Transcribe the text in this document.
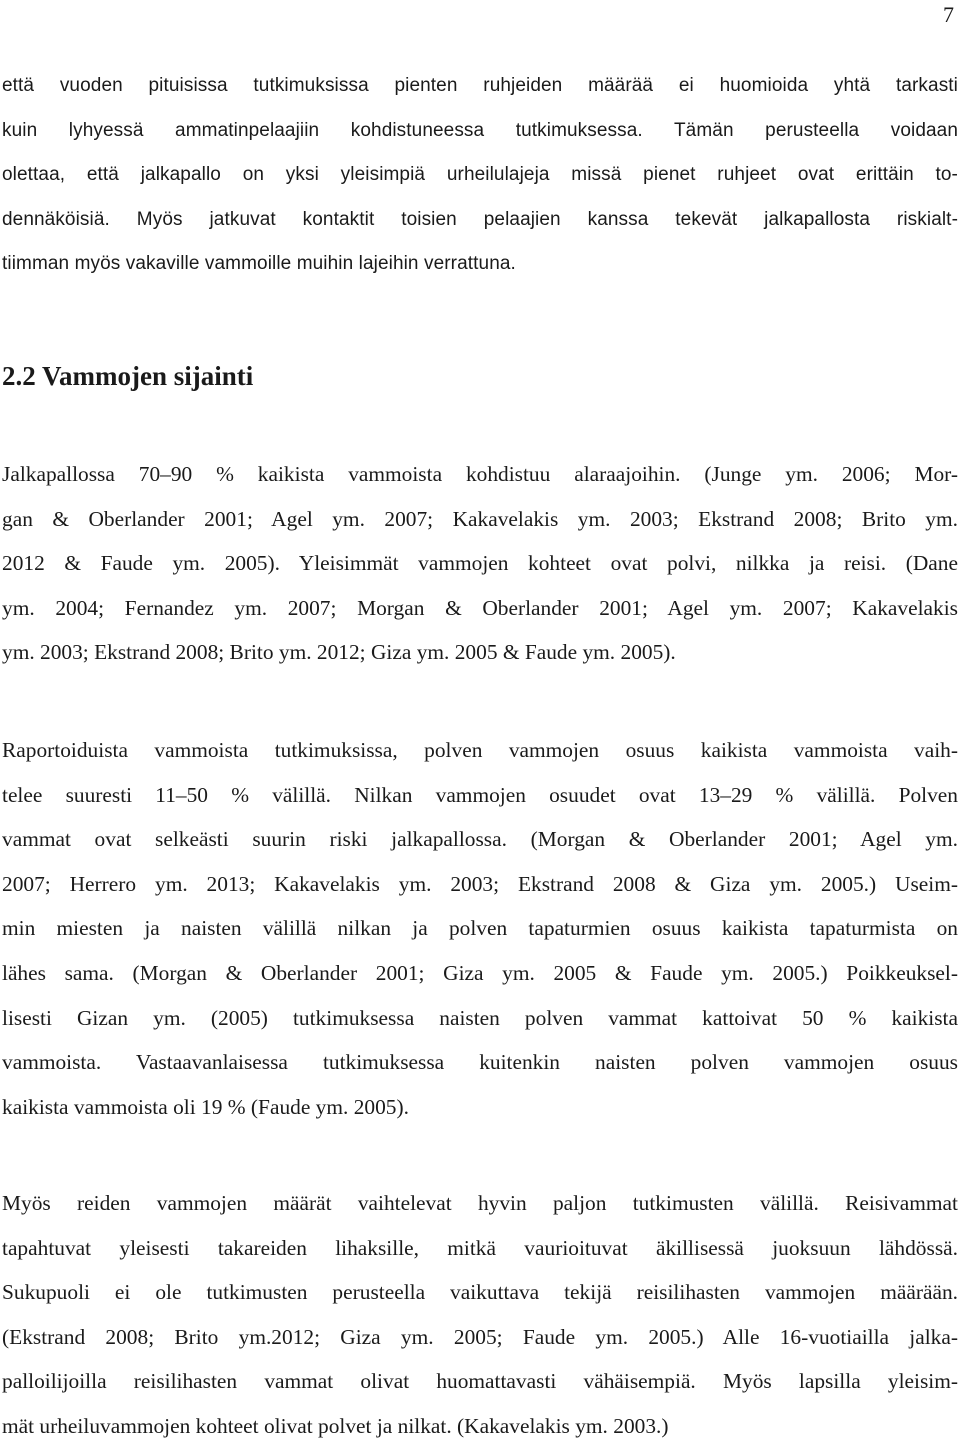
7
että vuoden pituisissa tutkimuksissa pienten ruhjeiden määrää ei huomioida yhtä tarkasti
kuin lyhyessä ammatinpelaajiin kohdistuneessa tutkimuksessa. Tämän perusteella voidaan
olettaa, että jalkapallo on yksi yleisimpiä urheilulajeja missä pienet ruhjeet ovat erittäin to-
dennäköisiä. Myös jatkuvat kontaktit toisien pelaajien kanssa tekevät jalkapallosta riskialt-
tiimman myös vakaville vammoille muihin lajeihin verrattuna.
2.2 Vammojen sijainti
Jalkapallossa 70–90 % kaikista vammoista kohdistuu alaraajoihin. (Junge ym. 2006; Mor-
gan & Oberlander 2001; Agel ym. 2007; Kakavelakis ym. 2003; Ekstrand 2008; Brito ym.
2012 & Faude ym. 2005). Yleisimmät vammojen kohteet ovat polvi, nilkka ja reisi. (Dane
ym. 2004; Fernandez ym. 2007; Morgan & Oberlander 2001; Agel ym. 2007; Kakavelakis
ym. 2003; Ekstrand 2008; Brito ym. 2012; Giza ym. 2005 & Faude ym. 2005).
Raportoiduista vammoista tutkimuksissa, polven vammojen osuus kaikista vammoista vaih-
telee suuresti 11–50 % välillä. Nilkan vammojen osuudet ovat 13–29 % välillä. Polven
vammat ovat selkeästi suurin riski jalkapallossa. (Morgan & Oberlander 2001; Agel ym.
2007; Herrero ym. 2013; Kakavelakis ym. 2003; Ekstrand 2008 & Giza ym. 2005.) Useim-
min miesten ja naisten välillä nilkan ja polven tapaturmien osuus kaikista tapaturmista on
lähes sama. (Morgan & Oberlander 2001; Giza ym. 2005 & Faude ym. 2005.) Poikkeuksel-
lisesti Gizan ym. (2005) tutkimuksessa naisten polven vammat kattoivat 50 % kaikista
vammoista. Vastaavanlaisessa tutkimuksessa kuitenkin naisten polven vammojen osuus
kaikista vammoista oli 19 % (Faude ym. 2005).
Myös reiden vammojen määrät vaihtelevat hyvin paljon tutkimusten välillä. Reisivammat
tapahtuvat yleisesti takareiden lihaksille, mitkä vaurioituvat äkillisessä juoksuun lähdössä.
Sukupuoli ei ole tutkimusten perusteella vaikuttava tekijä reisilihasten vammojen määrään.
(Ekstrand 2008; Brito ym.2012; Giza ym. 2005; Faude ym. 2005.) Alle 16-vuotiailla jalka-
palloilijoilla reisilihasten vammat olivat huomattavasti vähäisempiä. Myös lapsilla yleisim-
mät urheiluvammojen kohteet olivat polvet ja nilkat. (Kakavelakis ym. 2003.)
